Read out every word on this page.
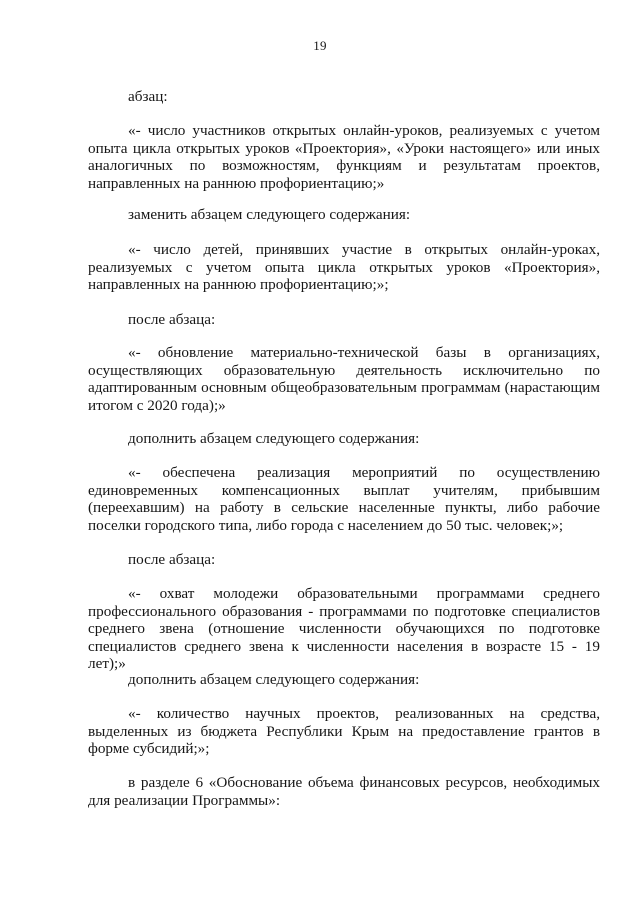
19

абзац:

«- число участников открытых онлайн-уроков, реализуемых с учетом опыта цикла открытых уроков «Проектория», «Уроки настоящего» или иных аналогичных по возможностям, функциям и результатам проектов, направленных на раннюю профориентацию;»

заменить абзацем следующего содержания:

«- число детей, принявших участие в открытых онлайн-уроках, реализуемых с учетом опыта цикла открытых уроков «Проектория», направленных на раннюю профориентацию;»;

после абзаца:

«- обновление материально-технической базы в организациях, осуществляющих образовательную деятельность исключительно по адаптированным основным общеобразовательным программам (нарастающим итогом с 2020 года);»

дополнить абзацем следующего содержания:

«- обеспечена реализация мероприятий по осуществлению единовременных компенсационных выплат учителям, прибывшим (переехавшим) на работу в сельские населенные пункты, либо рабочие поселки городского типа, либо города с населением до 50 тыс. человек;»;

после абзаца:

«- охват молодежи образовательными программами среднего профессионального образования - программами по подготовке специалистов среднего звена (отношение численности обучающихся по подготовке специалистов среднего звена к численности населения в возрасте 15 - 19 лет);»

дополнить абзацем следующего содержания:

«- количество научных проектов, реализованных на средства, выделенных из бюджета Республики Крым на предоставление грантов в форме субсидий;»;

в разделе 6 «Обоснование объема финансовых ресурсов, необходимых для реализации Программы»:
